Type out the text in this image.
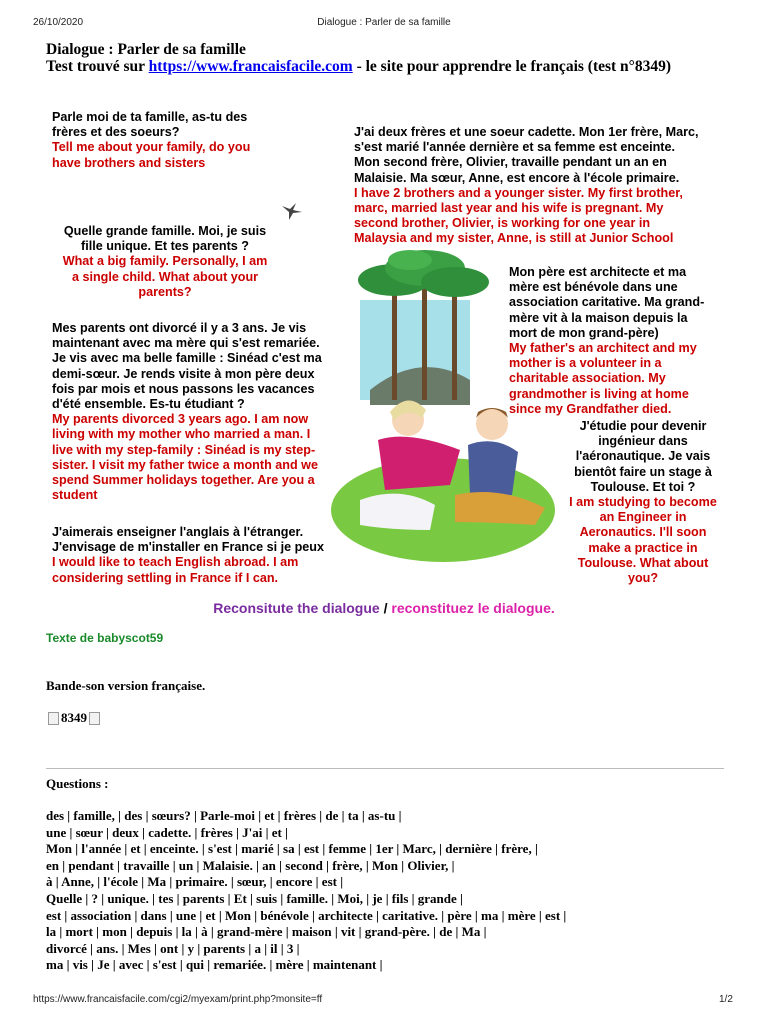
26/10/2020	Dialogue : Parler de sa famille
https://www.francaisfacile.com/cgi2/myexam/print.php?monsite=ff	1/2
Dialogue : Parler de sa famille
Test trouvé sur https://www.francaisfacile.com - le site pour apprendre le français (test n°8349)
Parle moi de ta famille, as-tu des
frères et des soeurs?
Tell me about your family, do you
have brothers and sisters
J'ai deux frères et une soeur cadette. Mon 1er frère, Marc,
s'est marié l'année dernière et sa femme est enceinte.
Mon second frère, Olivier, travaille pendant un an en
Malaisie. Ma sœur, Anne, est encore à l'école primaire.
I have 2 brothers and a younger sister. My first brother,
marc, married last year and his wife is pregnant. My
second brother, Olivier, is working for one year in
Malaysia and my sister, Anne, is still at Junior School
Quelle grande famille. Moi, je suis
fille unique. Et tes parents ?
What a big family. Personally, I am
a single child. What about your
parents?
Mon père est architecte et ma
mère est bénévole dans une
association caritative. Ma grand-
mère vit à la maison depuis la
mort de mon grand-père)
My father's an architect and my
mother is a volunteer in a
charitable association. My
grandmother is living at home
since my Grandfather died.
Mes parents ont divorcé il y a 3 ans. Je vis
maintenant avec ma mère qui s'est remariée.
Je vis avec ma belle famille : Sinéad c'est ma
demi-sœur. Je rends visite à mon père deux
fois par mois et nous passons les vacances
d'été ensemble. Es-tu étudiant ?
My parents divorced 3 years ago. I am now
living with my mother who married a man. I
live with my step-family : Sinéad is my step-
sister. I visit my father twice a month and we
spend Summer holidays together. Are you a
student
J'étudie pour devenir
ingénieur dans
l'aéronautique. Je vais
bientôt faire un stage à
Toulouse. Et toi ?
I am studying to become
an Engineer in
Aeronautics. I'll soon
make a practice in
Toulouse. What about
you?
J'aimerais enseigner l'anglais à l'étranger.
J'envisage de m'installer en France si je peux
I would like to teach English abroad. I am
considering settling in France if I can.
Reconsitute the dialogue / reconstituez le dialogue.
Texte de babyscot59
Bande-son version française.
8349
Questions :
des | famille, | des | sœurs? | Parle-moi | et | frères | de | ta | as-tu |
une | sœur | deux | cadette. | frères | J'ai | et |
Mon | l'année | et | enceinte. | s'est | marié | sa | est | femme | 1er | Marc, | dernière | frère, |
en | pendant | travaille | un | Malaisie. | an | second | frère, | Mon | Olivier, |
à | Anne, | l'école | Ma | primaire. | sœur, | encore | est |
Quelle | ? | unique. | tes | parents | Et | suis | famille. | Moi, | je | fils | grande |
est | association | dans | une | et | Mon | bénévole | architecte | caritative. | père | ma | mère | est |
la | mort | mon | depuis | la | à | grand-mère | maison | vit | grand-père. | de | Ma |
divorcé | ans. | Mes | ont | y | parents | a | il | 3 |
ma | vis | Je | avec | s'est | qui | remariée. | mère | maintenant |
